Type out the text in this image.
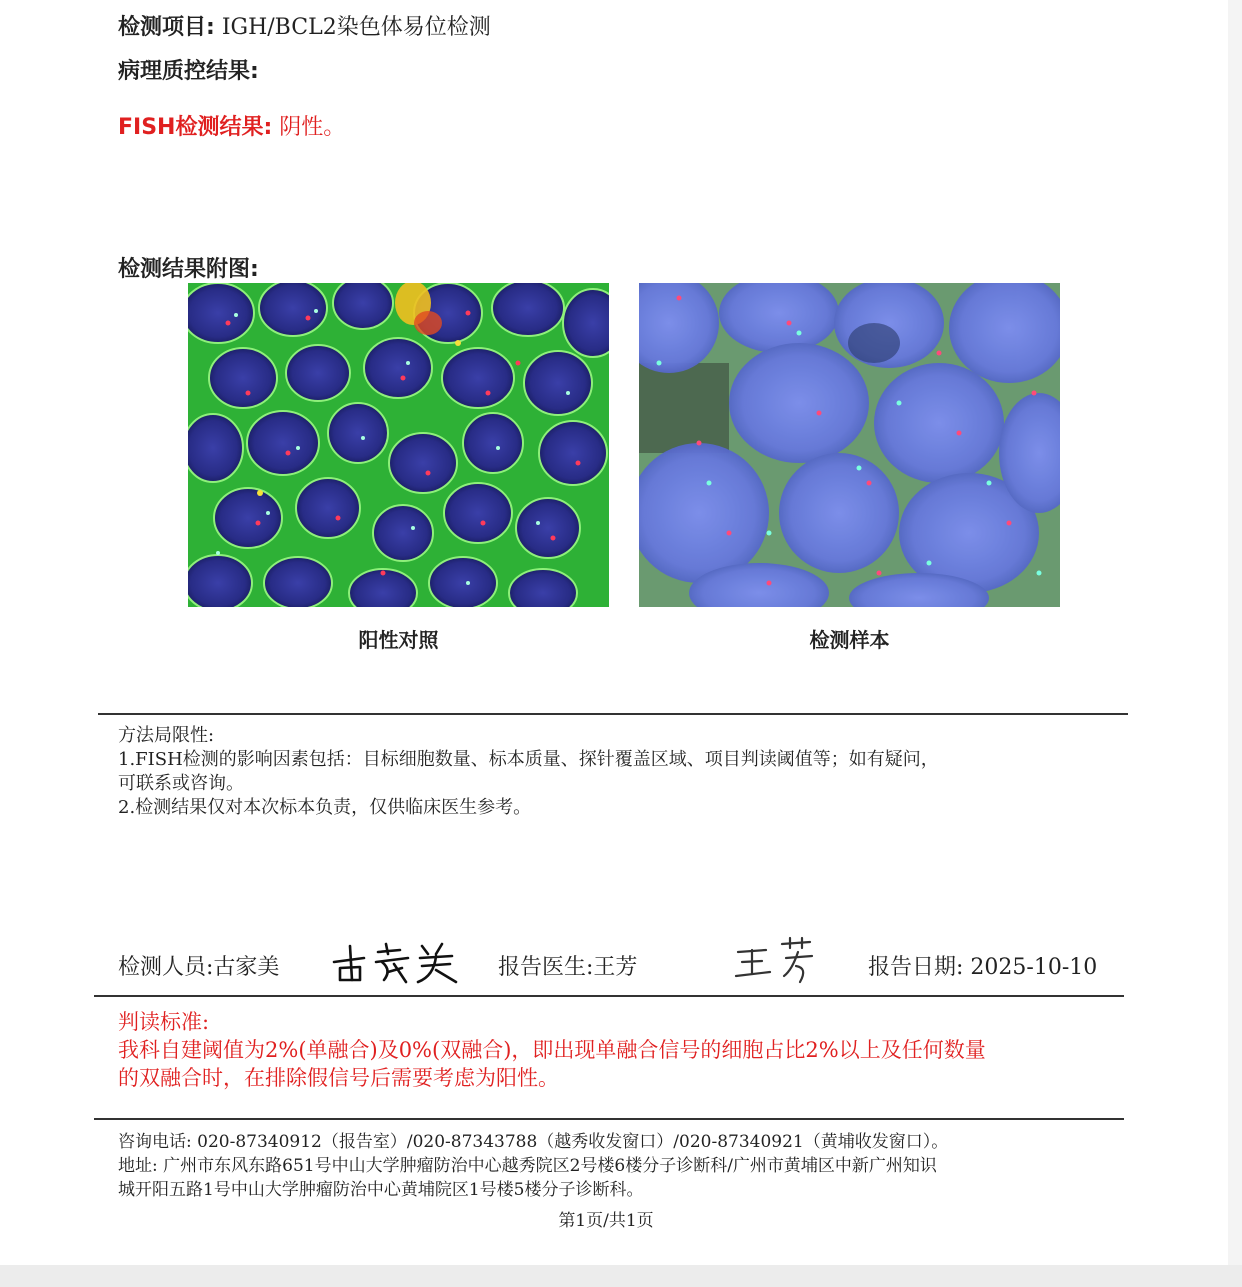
检测项目: IGH/BCL2染色体易位检测
病理质控结果:
FISH检测结果: 阴性。
检测结果附图:
阳性对照	检测样本
方法局限性:
1.FISH检测的影响因素包括：目标细胞数量、标本质量、探针覆盖区域、项目判读阈值等；如有疑问，
可联系或咨询。
2.检测结果仅对本次标本负责，仅供临床医生参考。
检测人员:古家美	报告医生:王芳	报告日期: 2025-10-10
判读标准:
我科自建阈值为2%(单融合)及0%(双融合)，即出现单融合信号的细胞占比2%以上及任何数量
的双融合时，在排除假信号后需要考虑为阳性。
咨询电话: 020-87340912（报告室）/020-87343788（越秀收发窗口）/020-87340921（黄埔收发窗口）。
地址: 广州市东风东路651号中山大学肿瘤防治中心越秀院区2号楼6楼分子诊断科/广州市黄埔区中新广州知识
城开阳五路1号中山大学肿瘤防治中心黄埔院区1号楼5楼分子诊断科。
第1页/共1页
